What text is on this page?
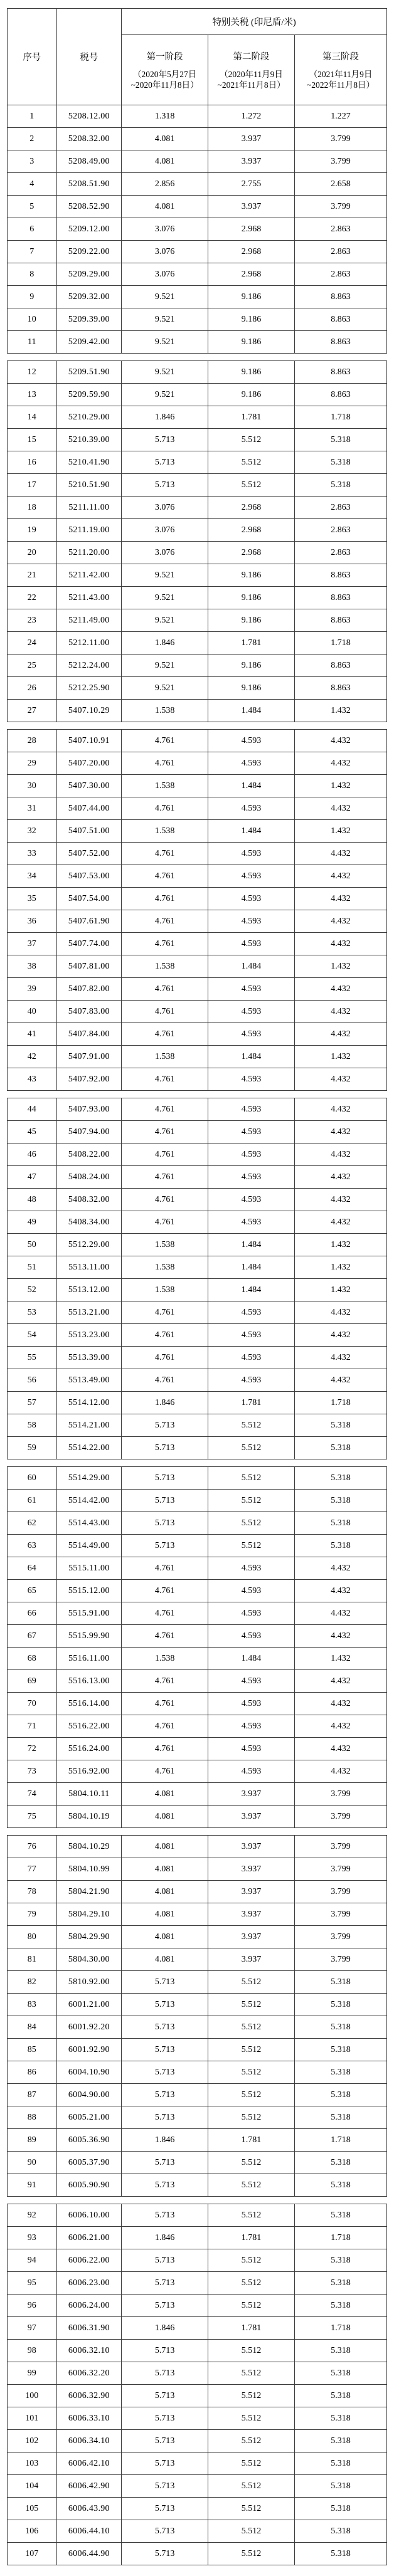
序号	税号	特别关税 (印尼盾/米)		

第一阶段
（2020年5月27日~2020年11月8日）

第二阶段
（2020年11月9日~2021年11月8日）

第三阶段
（2021年11月9日~2022年11月8日）

1	5208.12.00	1.318	1.272	1.227
2	5208.32.00	4.081	3.937	3.799
3	5208.49.00	4.081	3.937	3.799
4	5208.51.90	2.856	2.755	2.658
5	5208.52.90	4.081	3.937	3.799
6	5209.12.00	3.076	2.968	2.863
7	5209.22.00	3.076	2.968	2.863
8	5209.29.00	3.076	2.968	2.863
9	5209.32.00	9.521	9.186	8.863
10	5209.39.00	9.521	9.186	8.863
11	5209.42.00	9.521	9.186	8.863
12	5209.51.90	9.521	9.186	8.863
13	5209.59.90	9.521	9.186	8.863
14	5210.29.00	1.846	1.781	1.718
15	5210.39.00	5.713	5.512	5.318
16	5210.41.90	5.713	5.512	5.318
17	5210.51.90	5.713	5.512	5.318
18	5211.11.00	3.076	2.968	2.863
19	5211.19.00	3.076	2.968	2.863
20	5211.20.00	3.076	2.968	2.863
21	5211.42.00	9.521	9.186	8.863
22	5211.43.00	9.521	9.186	8.863
23	5211.49.00	9.521	9.186	8.863
24	5212.11.00	1.846	1.781	1.718
25	5212.24.00	9.521	9.186	8.863
26	5212.25.90	9.521	9.186	8.863
27	5407.10.29	1.538	1.484	1.432
28	5407.10.91	4.761	4.593	4.432
29	5407.20.00	4.761	4.593	4.432
30	5407.30.00	1.538	1.484	1.432
31	5407.44.00	4.761	4.593	4.432
32	5407.51.00	1.538	1.484	1.432
33	5407.52.00	4.761	4.593	4.432
34	5407.53.00	4.761	4.593	4.432
35	5407.54.00	4.761	4.593	4.432
36	5407.61.90	4.761	4.593	4.432
37	5407.74.00	4.761	4.593	4.432
38	5407.81.00	1.538	1.484	1.432
39	5407.82.00	4.761	4.593	4.432
40	5407.83.00	4.761	4.593	4.432
41	5407.84.00	4.761	4.593	4.432
42	5407.91.00	1.538	1.484	1.432
43	5407.92.00	4.761	4.593	4.432
44	5407.93.00	4.761	4.593	4.432
45	5407.94.00	4.761	4.593	4.432
46	5408.22.00	4.761	4.593	4.432
47	5408.24.00	4.761	4.593	4.432
48	5408.32.00	4.761	4.593	4.432
49	5408.34.00	4.761	4.593	4.432
50	5512.29.00	1.538	1.484	1.432
51	5513.11.00	1.538	1.484	1.432
52	5513.12.00	1.538	1.484	1.432
53	5513.21.00	4.761	4.593	4.432
54	5513.23.00	4.761	4.593	4.432
55	5513.39.00	4.761	4.593	4.432
56	5513.49.00	4.761	4.593	4.432
57	5514.12.00	1.846	1.781	1.718
58	5514.21.00	5.713	5.512	5.318
59	5514.22.00	5.713	5.512	5.318
60	5514.29.00	5.713	5.512	5.318
61	5514.42.00	5.713	5.512	5.318
62	5514.43.00	5.713	5.512	5.318
63	5514.49.00	5.713	5.512	5.318
64	5515.11.00	4.761	4.593	4.432
65	5515.12.00	4.761	4.593	4.432
66	5515.91.00	4.761	4.593	4.432
67	5515.99.90	4.761	4.593	4.432
68	5516.11.00	1.538	1.484	1.432
69	5516.13.00	4.761	4.593	4.432
70	5516.14.00	4.761	4.593	4.432
71	5516.22.00	4.761	4.593	4.432
72	5516.24.00	4.761	4.593	4.432
73	5516.92.00	4.761	4.593	4.432
74	5804.10.11	4.081	3.937	3.799
75	5804.10.19	4.081	3.937	3.799
76	5804.10.29	4.081	3.937	3.799
77	5804.10.99	4.081	3.937	3.799
78	5804.21.90	4.081	3.937	3.799
79	5804.29.10	4.081	3.937	3.799
80	5804.29.90	4.081	3.937	3.799
81	5804.30.00	4.081	3.937	3.799
82	5810.92.00	5.713	5.512	5.318
83	6001.21.00	5.713	5.512	5.318
84	6001.92.20	5.713	5.512	5.318
85	6001.92.90	5.713	5.512	5.318
86	6004.10.90	5.713	5.512	5.318
87	6004.90.00	5.713	5.512	5.318
88	6005.21.00	5.713	5.512	5.318
89	6005.36.90	1.846	1.781	1.718
90	6005.37.90	5.713	5.512	5.318
91	6005.90.90	5.713	5.512	5.318
92	6006.10.00	5.713	5.512	5.318
93	6006.21.00	1.846	1.781	1.718
94	6006.22.00	5.713	5.512	5.318
95	6006.23.00	5.713	5.512	5.318
96	6006.24.00	5.713	5.512	5.318
97	6006.31.90	1.846	1.781	1.718
98	6006.32.10	5.713	5.512	5.318
99	6006.32.20	5.713	5.512	5.318
100	6006.32.90	5.713	5.512	5.318
101	6006.33.10	5.713	5.512	5.318
102	6006.34.10	5.713	5.512	5.318
103	6006.42.10	5.713	5.512	5.318
104	6006.42.90	5.713	5.512	5.318
105	6006.43.90	5.713	5.512	5.318
106	6006.44.10	5.713	5.512	5.318
107	6006.44.90	5.713	5.512	5.318
